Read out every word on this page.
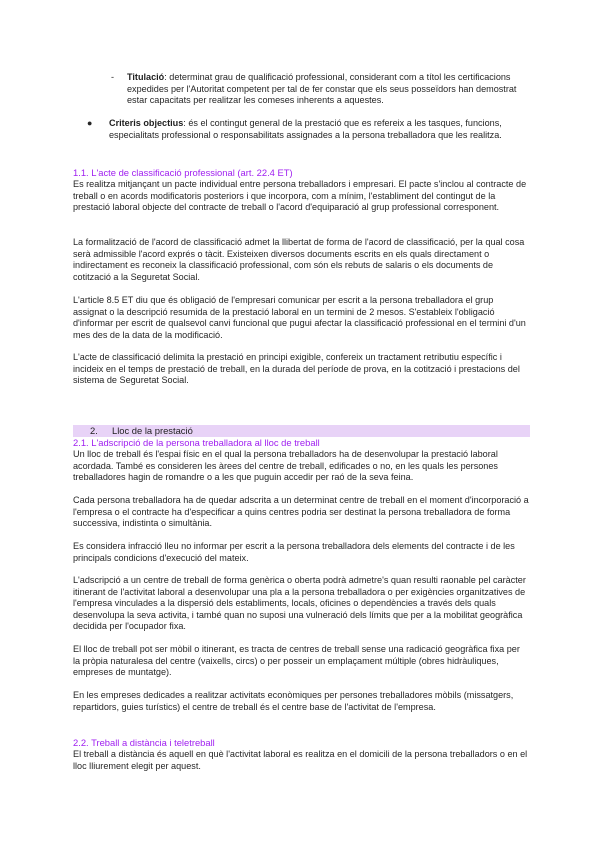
- Titulació: determinat grau de qualificació professional, considerant com a títol les certificacions expedides per l'Autoritat competent per tal de fer constar que els seus posseïdors han demostrat estar capacitats per realitzar les comeses inherents a aquestes.
● Criteris objectius: és el contingut general de la prestació que es refereix a les tasques, funcions, especialitats professional o responsabilitats assignades a la persona treballadora que les realitza.
1.1. L'acte de classificació professional (art. 22.4 ET)

Es realitza mitjançant un pacte individual entre persona treballadors i empresari. El pacte s'inclou al contracte de treball o en acords modificatoris posteriors i que incorpora, com a mínim, l'establiment del contingut de la prestació laboral objecte del contracte de treball o l'acord d'equiparació al grup professional corresponent.

La formalització de l'acord de classificació admet la llibertat de forma de l'acord de classificació, per la qual cosa serà admissible l'acord exprés o tàcit. Existeixen diversos documents escrits en els quals directament o indirectament es reconeix la classificació professional, com són els rebuts de salaris o els documents de cotització a la Seguretat Social.

L'article 8.5 ET diu que és obligació de l'empresari comunicar per escrit a la persona treballadora el grup assignat o la descripció resumida de la prestació laboral en un termini de 2 mesos. S'estableix l'obligació d'informar per escrit de qualsevol canvi funcional que pugui afectar la classificació professional en el termini d'un mes des de la data de la modificació.

L'acte de classificació delimita la prestació en principi exigible, confereix un tractament retributiu específic i incideix en el temps de prestació de treball, en la durada del període de prova, en la cotització i prestacions del sistema de Seguretat Social.

2. Lloc de la prestació
2.1. L'adscripció de la persona treballadora al lloc de treball

Un lloc de treball és l'espai físic en el qual la persona treballadors ha de desenvolupar la prestació laboral acordada. També es consideren les àrees del centre de treball, edificades o no, en les quals les persones treballadores hagin de romandre o a les que puguin accedir per raó de la seva feina.

Cada persona treballadora ha de quedar adscrita a un determinat centre de treball en el moment d'incorporació a l'empresa o el contracte ha d'especificar a quins centres podria ser destinat la persona treballadora de forma successiva, indistinta o simultània.

Es considera infracció lleu no informar per escrit a la persona treballadora dels elements del contracte i de les principals condicions d'execució del mateix.

L'adscripció a un centre de treball de forma genèrica o oberta podrà admetre's quan resulti raonable pel caràcter itinerant de l'activitat laboral a desenvolupar una pla a la persona treballadora o per exigències organitzatives de l'empresa vinculades a la dispersió dels establiments, locals, oficines o dependències a través dels quals desenvolupa la seva activita, i també quan no suposi una vulneració dels límits que per a la mobilitat geogràfica decidida per l'ocupador fixa.

El lloc de treball pot ser mòbil o itinerant, es tracta de centres de treball sense una radicació geogràfica fixa per la pròpia naturalesa del centre (vaixells, circs) o per posseir un emplaçament múltiple (obres hidràuliques, empreses de muntatge).

En les empreses dedicades a realitzar activitats econòmiques per persones treballadores mòbils (missatgers, repartidors, guies turístics) el centre de treball és el centre base de l'activitat de l'empresa.

2.2. Treball a distància i teletreball

El treball a distància és aquell en què l'activitat laboral es realitza en el domicili de la persona treballadors o en el lloc lliurement elegit per aquest.
